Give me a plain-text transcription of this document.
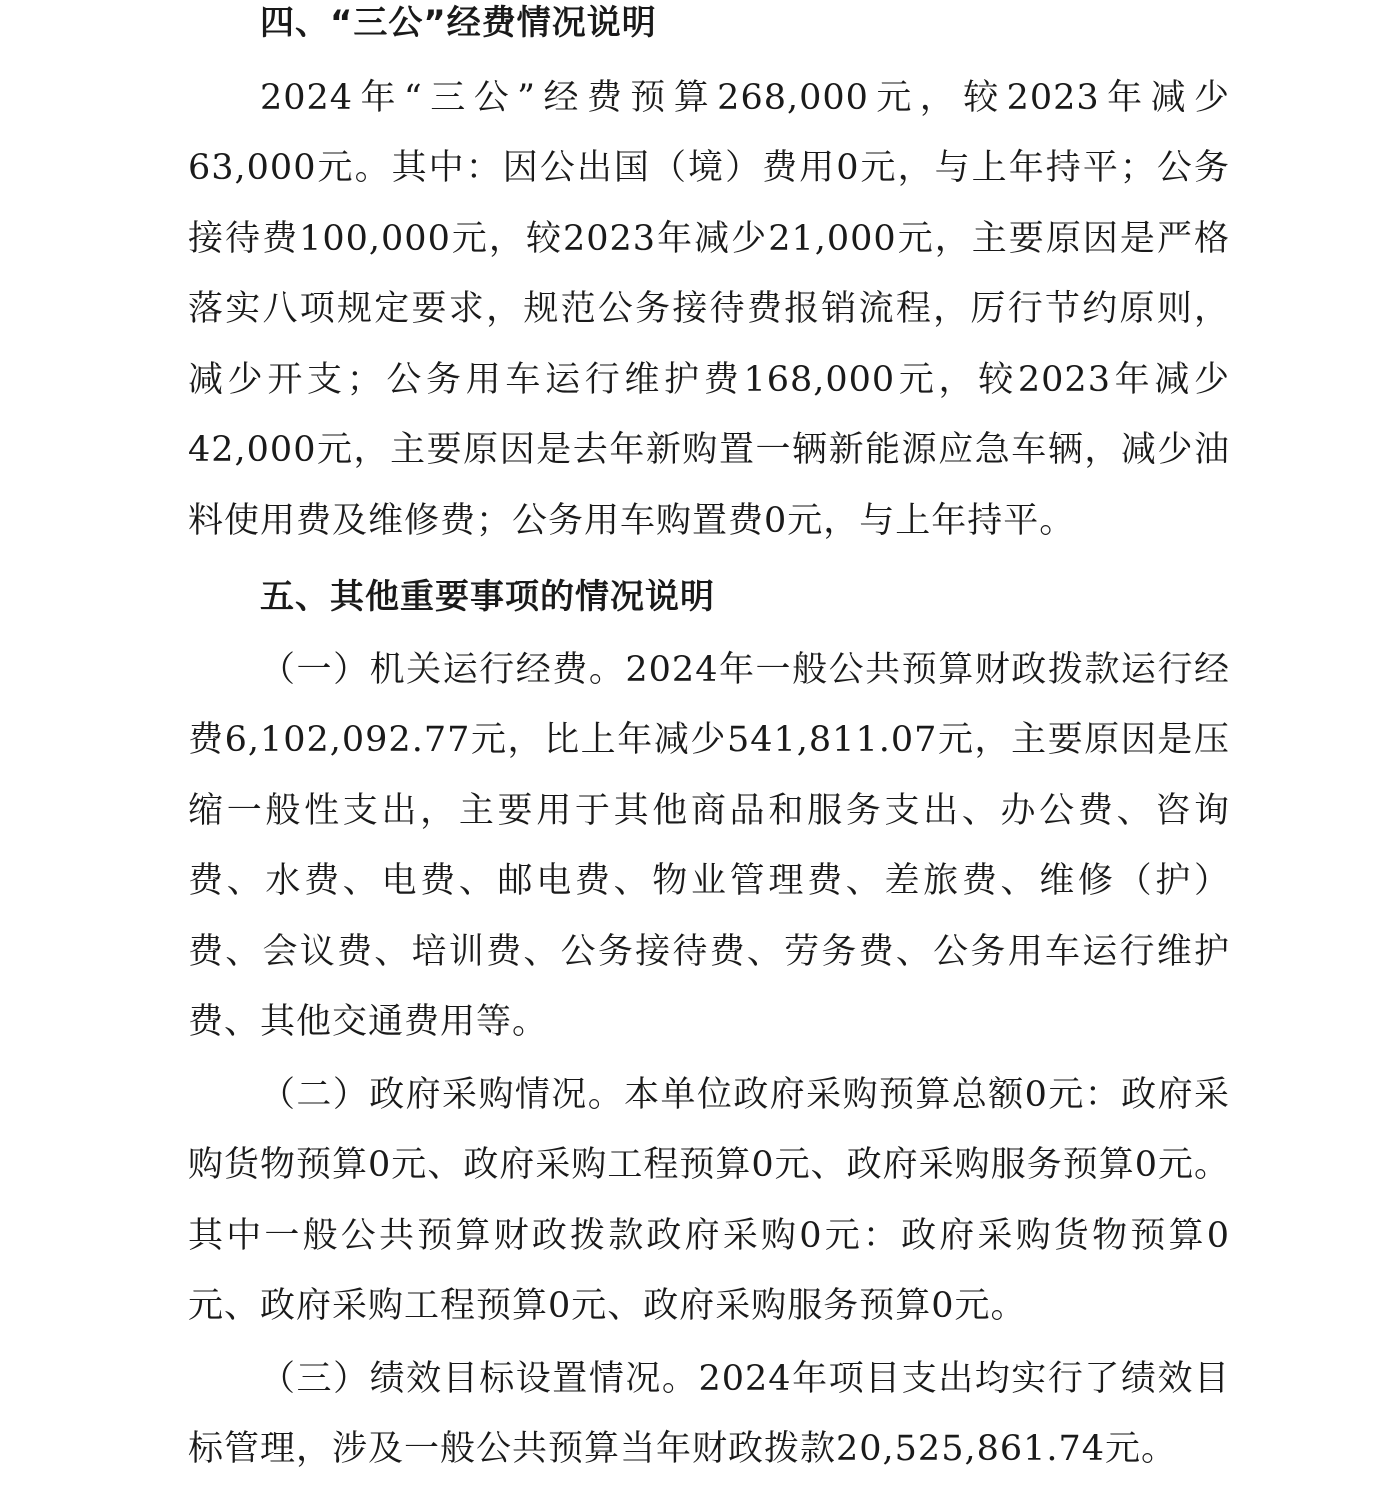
四、“三公”经费情况说明

2024年“三公”经费预算268,000元，较2023年减少63,000元。其中：因公出国（境）费用0元，与上年持平；公务接待费100,000元，较2023年减少21,000元，主要原因是严格落实八项规定要求，规范公务接待费报销流程，厉行节约原则，减少开支；公务用车运行维护费168,000元，较2023年减少42,000元，主要原因是去年新购置一辆新能源应急车辆，减少油料使用费及维修费；公务用车购置费0元，与上年持平。

五、其他重要事项的情况说明

（一）机关运行经费。2024年一般公共预算财政拨款运行经费6,102,092.77元，比上年减少541,811.07元，主要原因是压缩一般性支出，主要用于其他商品和服务支出、办公费、咨询费、水费、电费、邮电费、物业管理费、差旅费、维修（护）费、会议费、培训费、公务接待费、劳务费、公务用车运行维护费、其他交通费用等。

（二）政府采购情况。本单位政府采购预算总额0元：政府采购货物预算0元、政府采购工程预算0元、政府采购服务预算0元。其中一般公共预算财政拨款政府采购0元：政府采购货物预算0元、政府采购工程预算0元、政府采购服务预算0元。

（三）绩效目标设置情况。2024年项目支出均实行了绩效目标管理，涉及一般公共预算当年财政拨款20,525,861.74元。
